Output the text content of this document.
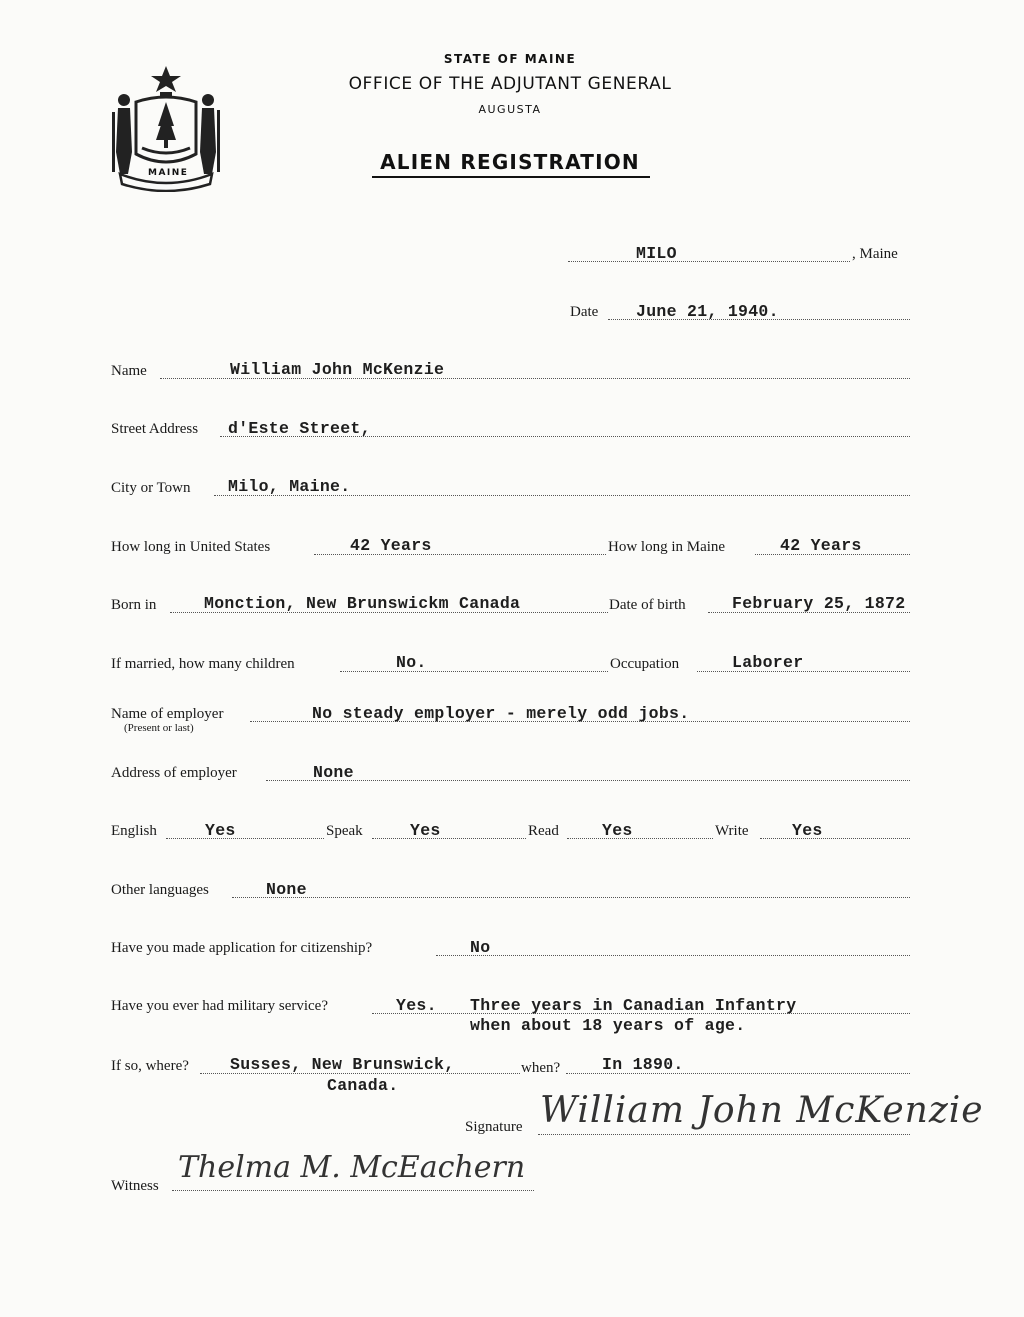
STATE OF MAINE
OFFICE OF THE ADJUTANT GENERAL
AUGUSTA
ALIEN REGISTRATION
MAINE
MILO	, Maine
Date June 21, 1940.
Name	William John McKenzie
Street Address d'Este Street,
City or Town Milo, Maine.
How long in United States	42 Years	How long in Maine	42 Years
Born in	Monction, New Brunswickm Canada	Date of birth	February 25, 1872
If married, how many children	No.	Occupation	Laborer
Name of employer
(Present or last)
No steady employer - merely odd jobs.
Address of employer	None
English	Yes	Speak	Yes	Read	Yes	Write	Yes
Other languages	None
Have you made application for citizenship?	No
Have you ever had military service?	Yes. Three years in Canadian Infantry
when about 18 years of age.
If so, where? Susses, New Brunswick,
Canada.
when?	In 1890.
Signature William John McKenzie
Witness
Thelma M. McEachern
